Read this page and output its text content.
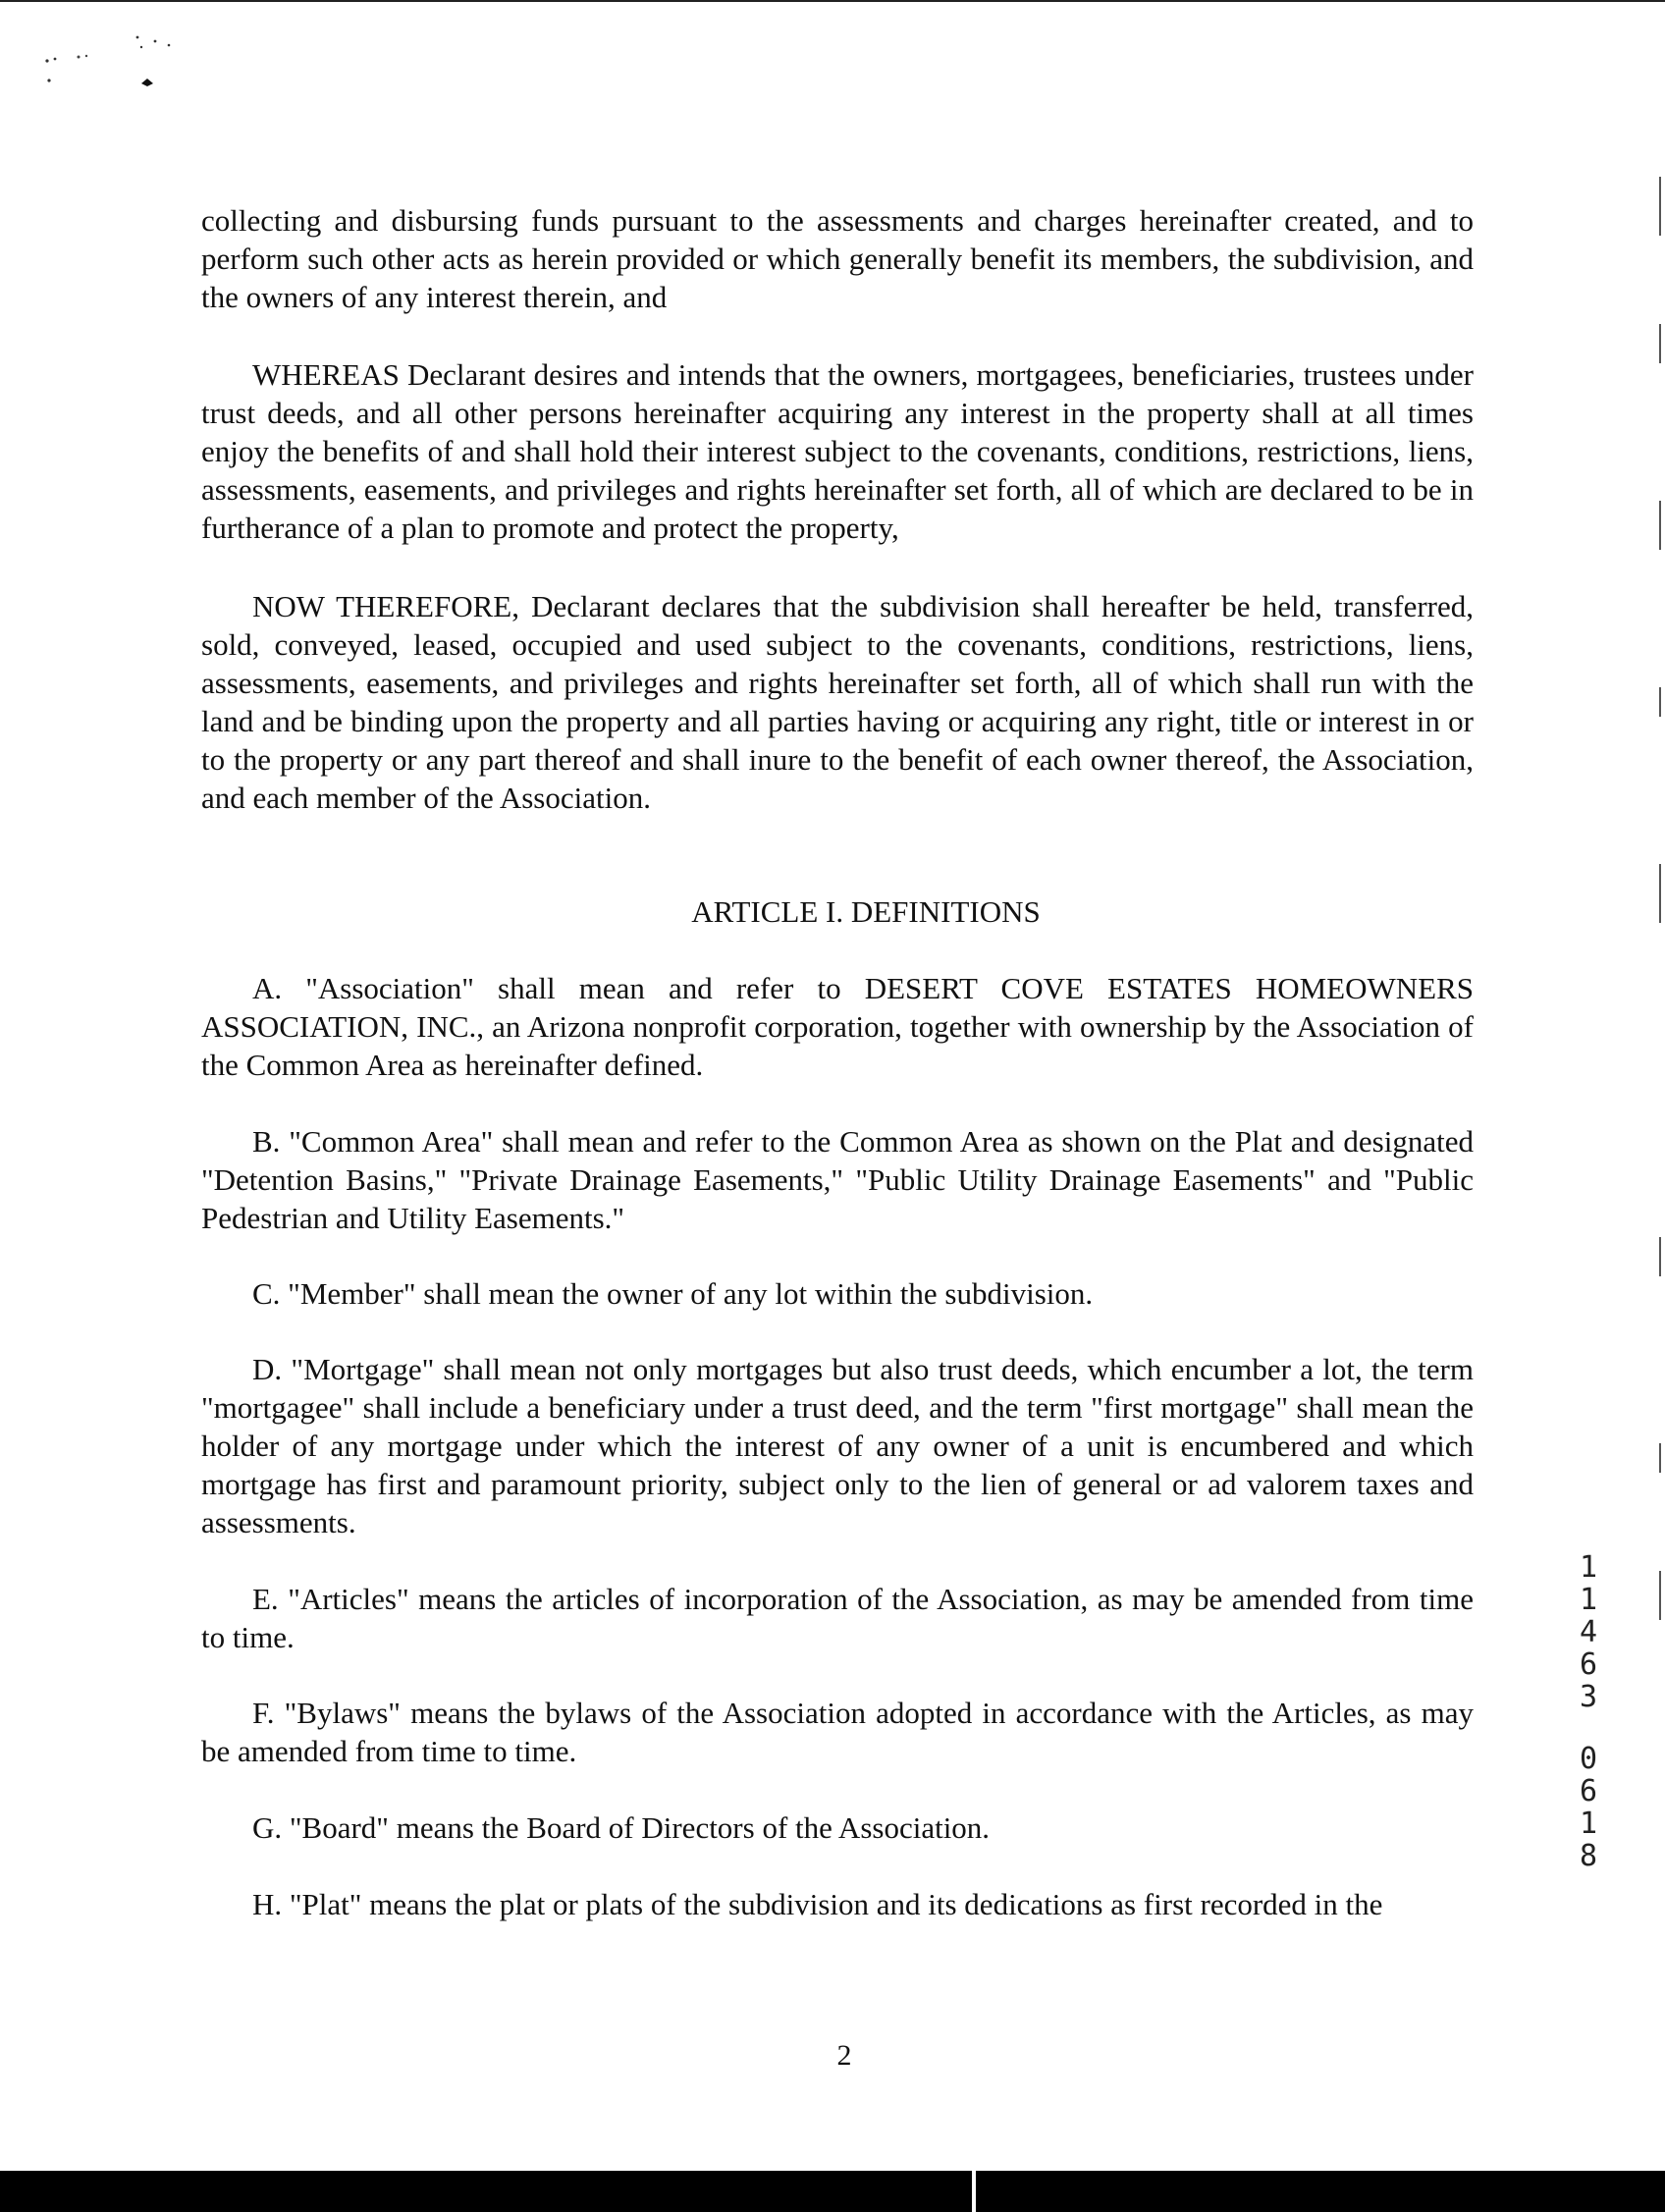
collecting and disbursing funds pursuant to the assessments and charges hereinafter created, and to perform such other acts as herein provided or which generally benefit its members, the subdivision, and the owners of any interest therein, and

WHEREAS Declarant desires and intends that the owners, mortgagees, beneficiaries, trustees under trust deeds, and all other persons hereinafter acquiring any interest in the property shall at all times enjoy the benefits of and shall hold their interest subject to the covenants, conditions, restrictions, liens, assessments, easements, and privileges and rights hereinafter set forth, all of which are declared to be in furtherance of a plan to promote and protect the property,

NOW THEREFORE, Declarant declares that the subdivision shall hereafter be held, transferred, sold, conveyed, leased, occupied and used subject to the covenants, conditions, restrictions, liens, assessments, easements, and privileges and rights hereinafter set forth, all of which shall run with the land and be binding upon the property and all parties having or acquiring any right, title or interest in or to the property or any part thereof and shall inure to the benefit of each owner thereof, the Association, and each member of the Association.

ARTICLE I. DEFINITIONS

A. "Association" shall mean and refer to DESERT COVE ESTATES HOMEOWNERS ASSOCIATION, INC., an Arizona nonprofit corporation, together with ownership by the Association of the Common Area as hereinafter defined.

B. "Common Area" shall mean and refer to the Common Area as shown on the Plat and designated "Detention Basins," "Private Drainage Easements," "Public Utility Drainage Easements" and "Public Pedestrian and Utility Easements."

C. "Member" shall mean the owner of any lot within the subdivision.

D. "Mortgage" shall mean not only mortgages but also trust deeds, which encumber a lot, the term "mortgagee" shall include a beneficiary under a trust deed, and the term "first mortgage" shall mean the holder of any mortgage under which the interest of any owner of a unit is encumbered and which mortgage has first and paramount priority, subject only to the lien of general or ad valorem taxes and assessments.

E. "Articles" means the articles of incorporation of the Association, as may be amended from time to time.

F. "Bylaws" means the bylaws of the Association adopted in accordance with the Articles, as may be amended from time to time.

G. "Board" means the Board of Directors of the Association.

H. "Plat" means the plat or plats of the subdivision and its dedications as first recorded in the

2

1
1
4
6
3
0
6
1
8
